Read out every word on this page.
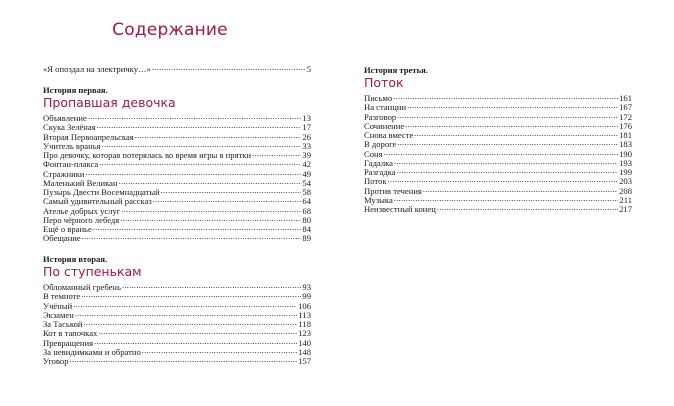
Содержание
«Я опоздал на электричку…» .....	5
История первая.
Пропавшая девочка
Объявление .....	13
Скука Зелёная .....	17
Вторая Первоапрельская .....	26
Учитель вранья .....	33
Про девочку, которая потерялась во время игры в прятки .....	39
Фонтан-плакса .....	42
Стражники .....	49
Маленький Великан .....	54
Пузырь Двести Восемнадцатый .....	58
Самый удивительный рассказ .....	64
Ателье добрых услуг .....	68
Перо чёрного лебедя .....	80
Ещё о вранье .....	84
Обещание .....	89
История вторая.
По ступенькам
Обломанный гребень .....	93
В темноте .....	99
Учёный .....	106
Экзамен .....	113
За Таськой .....	118
Кот в тапочках .....	123
Превращения .....	140
За невидимками и обратно .....	148
Уговор .....	157
История третья.
Поток
Письмо .....	161
На станции .....	167
Разговор .....	172
Сочинение .....	176
Снова вместе .....	181
В дороге .....	183
Соня .....	190
Гадалка .....	193
Разгадка .....	199
Поток .....	203
Против течения .....	208
Музыка .....	211
Неизвестный конец .....	217
